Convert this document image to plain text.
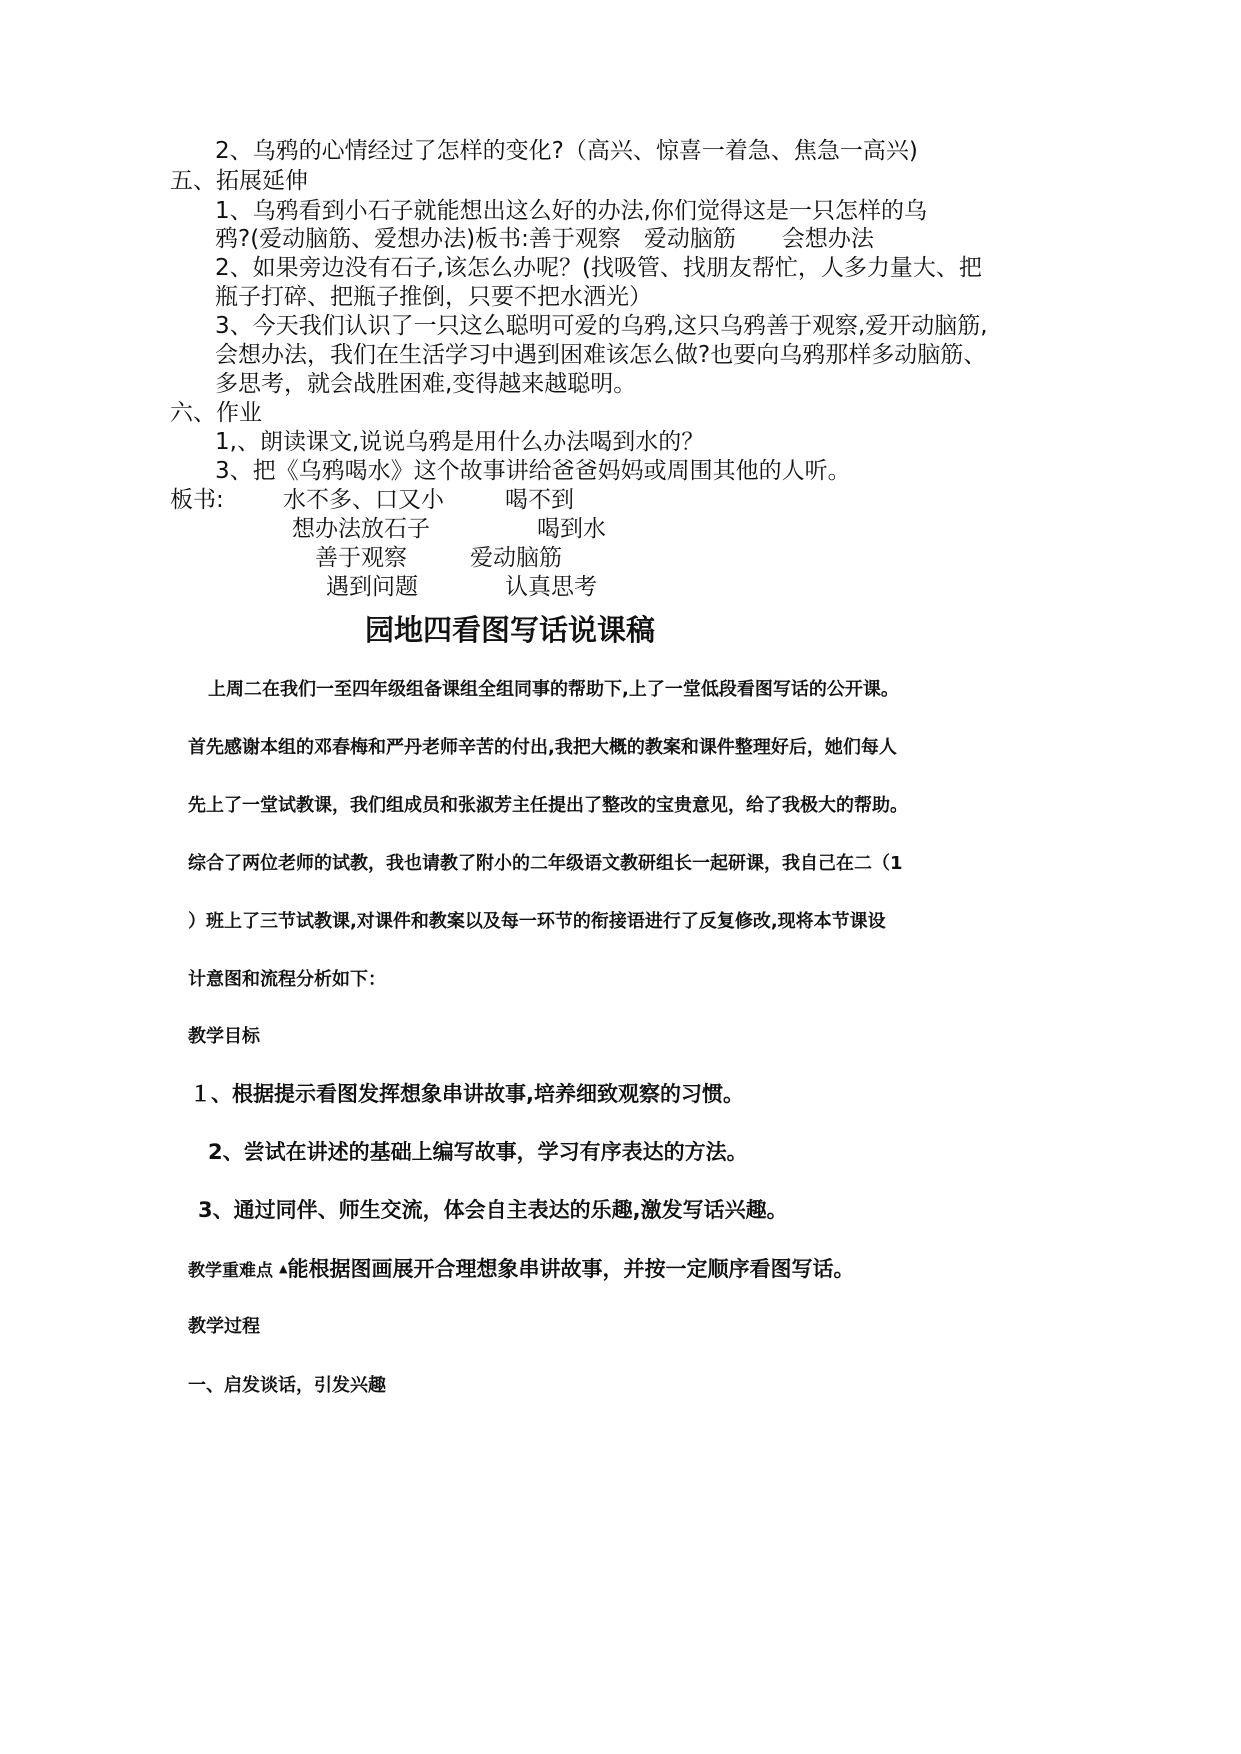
2、乌鸦的心情经过了怎样的变化?（高兴、惊喜一着急、焦急一高兴)
五、拓展延伸
1、乌鸦看到小石子就能想出这么好的办法,你们觉得这是一只怎样的乌
鸦?(爱动脑筋、爱想办法)板书:善于观察　爱动脑筋　　会想办法
2、如果旁边没有石子,该怎么办呢？(找吸管、找朋友帮忙，人多力量大、把
瓶子打碎、把瓶子推倒，只要不把水洒光）
3、今天我们认识了一只这么聪明可爱的乌鸦,这只乌鸦善于观察,爱开动脑筋,
会想办法，我们在生活学习中遇到困难该怎么做?也要向乌鸦那样多动脑筋、
多思考，就会战胜困难,变得越来越聪明。
六、作业
1,、朗读课文,说说乌鸦是用什么办法喝到水的？
3、把《乌鸦喝水》这个故事讲给爸爸妈妈或周围其他的人听。
板书:	水不多、口又小	喝不到
想办法放石子	喝到水
善于观察	爱动脑筋
遇到问题	认真思考
园地四看图写话说课稿
上周二在我们一至四年级组备课组全组同事的帮助下,上了一堂低段看图写话的公开课。
首先感谢本组的邓春梅和严丹老师辛苦的付出,我把大概的教案和课件整理好后，她们每人
先上了一堂试教课，我们组成员和张淑芳主任提出了整改的宝贵意见，给了我极大的帮助。
综合了两位老师的试教，我也请教了附小的二年级语文教研组长一起研课，我自己在二（1
）班上了三节试教课,对课件和教案以及每一环节的衔接语进行了反复修改,现将本节课设
计意图和流程分析如下：
教学目标
１、根据提示看图发挥想象串讲故事,培养细致观察的习惯。
2、尝试在讲述的基础上编写故事，学习有序表达的方法。
3、通过同伴、师生交流，体会自主表达的乐趣,激发写话兴趣。
教学重难点 ▲能根据图画展开合理想象串讲故事，并按一定顺序看图写话。
教学过程
一、启发谈话，引发兴趣
